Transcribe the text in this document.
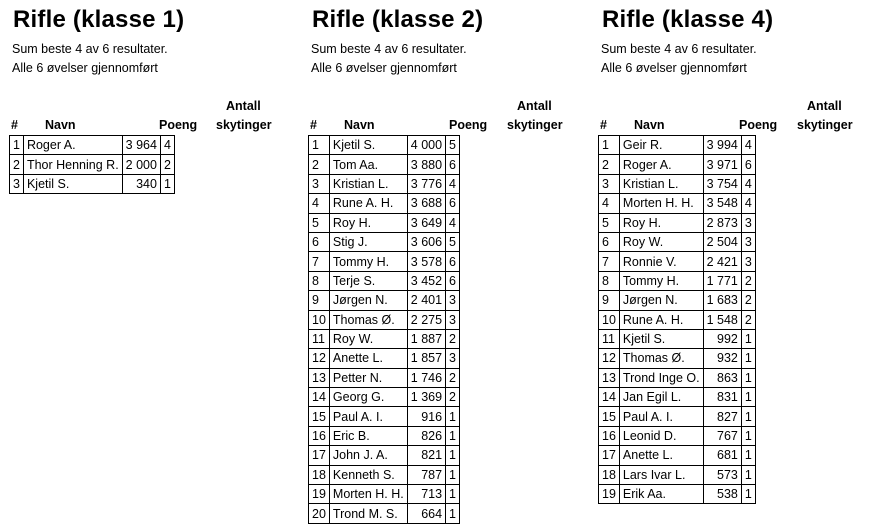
Rifle (klasse 1)
Sum beste 4 av 6 resultater.
Alle 6 øvelser gjennomført
# Navn	Poeng
Antall
skytinger
1	Roger A.	3 964	4
2	Thor Henning R.	2 000	2
3	Kjetil S.	340	1
Rifle (klasse 2)
Sum beste 4 av 6 resultater.
Alle 6 øvelser gjennomført
# Navn	Poeng
Antall
skytinger
1	Kjetil S.	4 000	5
2	Tom Aa.	3 880	6
3	Kristian L.	3 776	4
4	Rune A. H.	3 688	6
5	Roy H.	3 649	4
6	Stig J.	3 606	5
7	Tommy H.	3 578	6
8	Terje S.	3 452	6
9	Jørgen N.	2 401	3
10	Thomas Ø.	2 275	3
11	Roy W.	1 887	2
12	Anette L.	1 857	3
13	Petter N.	1 746	2
14	Georg G.	1 369	2
15	Paul A. I.	916	1
16	Eric B.	826	1
17	John J. A.	821	1
18	Kenneth S.	787	1
19	Morten H. H.	713	1
20	Trond M. S.	664	1
Rifle (klasse 4)
Sum beste 4 av 6 resultater.
Alle 6 øvelser gjennomført
# Navn	Poeng
Antall
skytinger
1	Geir R.	3 994	4
2	Roger A.	3 971	6
3	Kristian L.	3 754	4
4	Morten H. H.	3 548	4
5	Roy H.	2 873	3
6	Roy W.	2 504	3
7	Ronnie V.	2 421	3
8	Tommy H.	1 771	2
9	Jørgen N.	1 683	2
10	Rune A. H.	1 548	2
11	Kjetil S.	992	1
12	Thomas Ø.	932	1
13	Trond Inge O.	863	1
14	Jan Egil L.	831	1
15	Paul A. I.	827	1
16	Leonid D.	767	1
17	Anette L.	681	1
18	Lars Ivar L.	573	1
19	Erik Aa.	538	1
